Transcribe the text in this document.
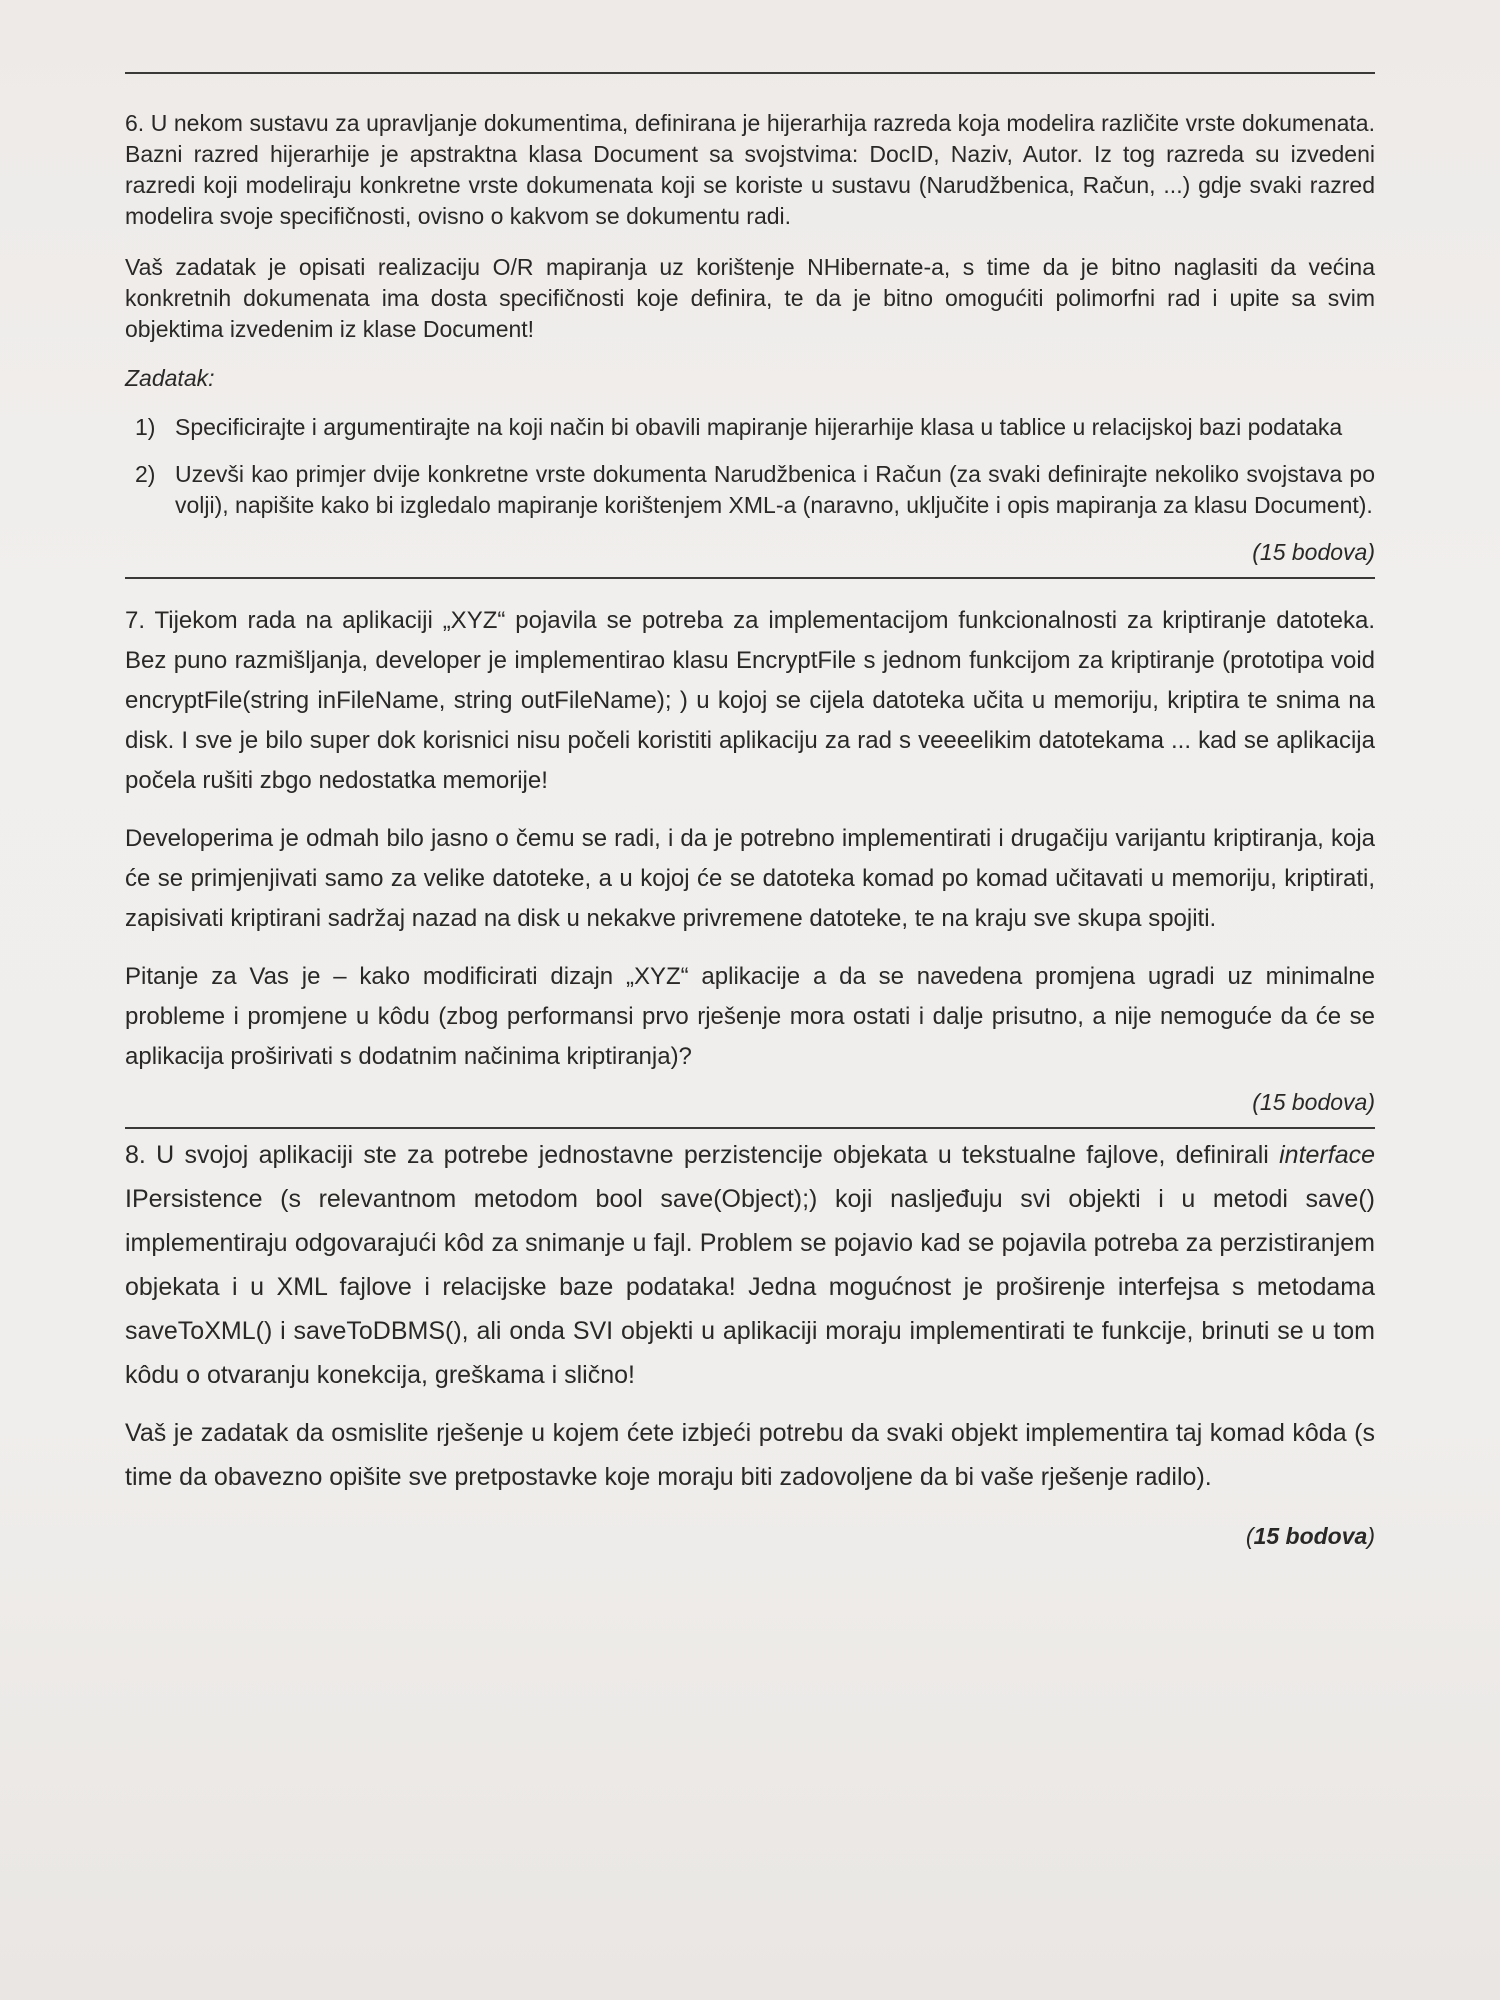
6. U nekom sustavu za upravljanje dokumentima, definirana je hijerarhija razreda koja modelira različite vrste dokumenata. Bazni razred hijerarhije je apstraktna klasa Document sa svojstvima: DocID, Naziv, Autor. Iz tog razreda su izvedeni razredi koji modeliraju konkretne vrste dokumenata koji se koriste u sustavu (Narudžbenica, Račun, ...) gdje svaki razred modelira svoje specifičnosti, ovisno o kakvom se dokumentu radi.

Vaš zadatak je opisati realizaciju O/R mapiranja uz korištenje NHibernate-a, s time da je bitno naglasiti da većina konkretnih dokumenata ima dosta specifičnosti koje definira, te da je bitno omogućiti polimorfni rad i upite sa svim objektima izvedenim iz klase Document!

Zadatak:
1) Specificirajte i argumentirajte na koji način bi obavili mapiranje hijerarhije klasa u tablice u relacijskoj bazi podataka
2) Uzevši kao primjer dvije konkretne vrste dokumenta Narudžbenica i Račun (za svaki definirajte nekoliko svojstava po volji), napišite kako bi izgledalo mapiranje korištenjem XML-a (naravno, uključite i opis mapiranja za klasu Document).
(15 bodova)

7. Tijekom rada na aplikaciji „XYZ“ pojavila se potreba za implementacijom funkcionalnosti za kriptiranje datoteka. Bez puno razmišljanja, developer je implementirao klasu EncryptFile s jednom funkcijom za kriptiranje (prototipa void encryptFile(string inFileName, string outFileName); ) u kojoj se cijela datoteka učita u memoriju, kriptira te snima na disk. I sve je bilo super dok korisnici nisu počeli koristiti aplikaciju za rad s veeeelikim datotekama ... kad se aplikacija počela rušiti zbgo nedostatka memorije!

Developerima je odmah bilo jasno o čemu se radi, i da je potrebno implementirati i drugačiju varijantu kriptiranja, koja će se primjenjivati samo za velike datoteke, a u kojoj će se datoteka komad po komad učitavati u memoriju, kriptirati, zapisivati kriptirani sadržaj nazad na disk u nekakve privremene datoteke, te na kraju sve skupa spojiti.

Pitanje za Vas je – kako modificirati dizajn „XYZ“ aplikacije a da se navedena promjena ugradi uz minimalne probleme i promjene u kôdu (zbog performansi prvo rješenje mora ostati i dalje prisutno, a nije nemoguće da će se aplikacija proširivati s dodatnim načinima kriptiranja)?

(15 bodova)

8. U svojoj aplikaciji ste za potrebe jednostavne perzistencije objekata u tekstualne fajlove, definirali interface IPersistence (s relevantnom metodom bool save(Object);) koji nasljeđuju svi objekti i u metodi save() implementiraju odgovarajući kôd za snimanje u fajl. Problem se pojavio kad se pojavila potreba za perzistiranjem objekata i u XML fajlove i relacijske baze podataka! Jedna mogućnost je proširenje interfejsa s metodama saveToXML() i saveToDBMS(), ali onda SVI objekti u aplikaciji moraju implementirati te funkcije, brinuti se u tom kôdu o otvaranju konekcija, greškama i slično!

Vaš je zadatak da osmislite rješenje u kojem ćete izbjeći potrebu da svaki objekt implementira taj komad kôda (s time da obavezno opišite sve pretpostavke koje moraju biti zadovoljene da bi vaše rješenje radilo).

(15 bodova)
